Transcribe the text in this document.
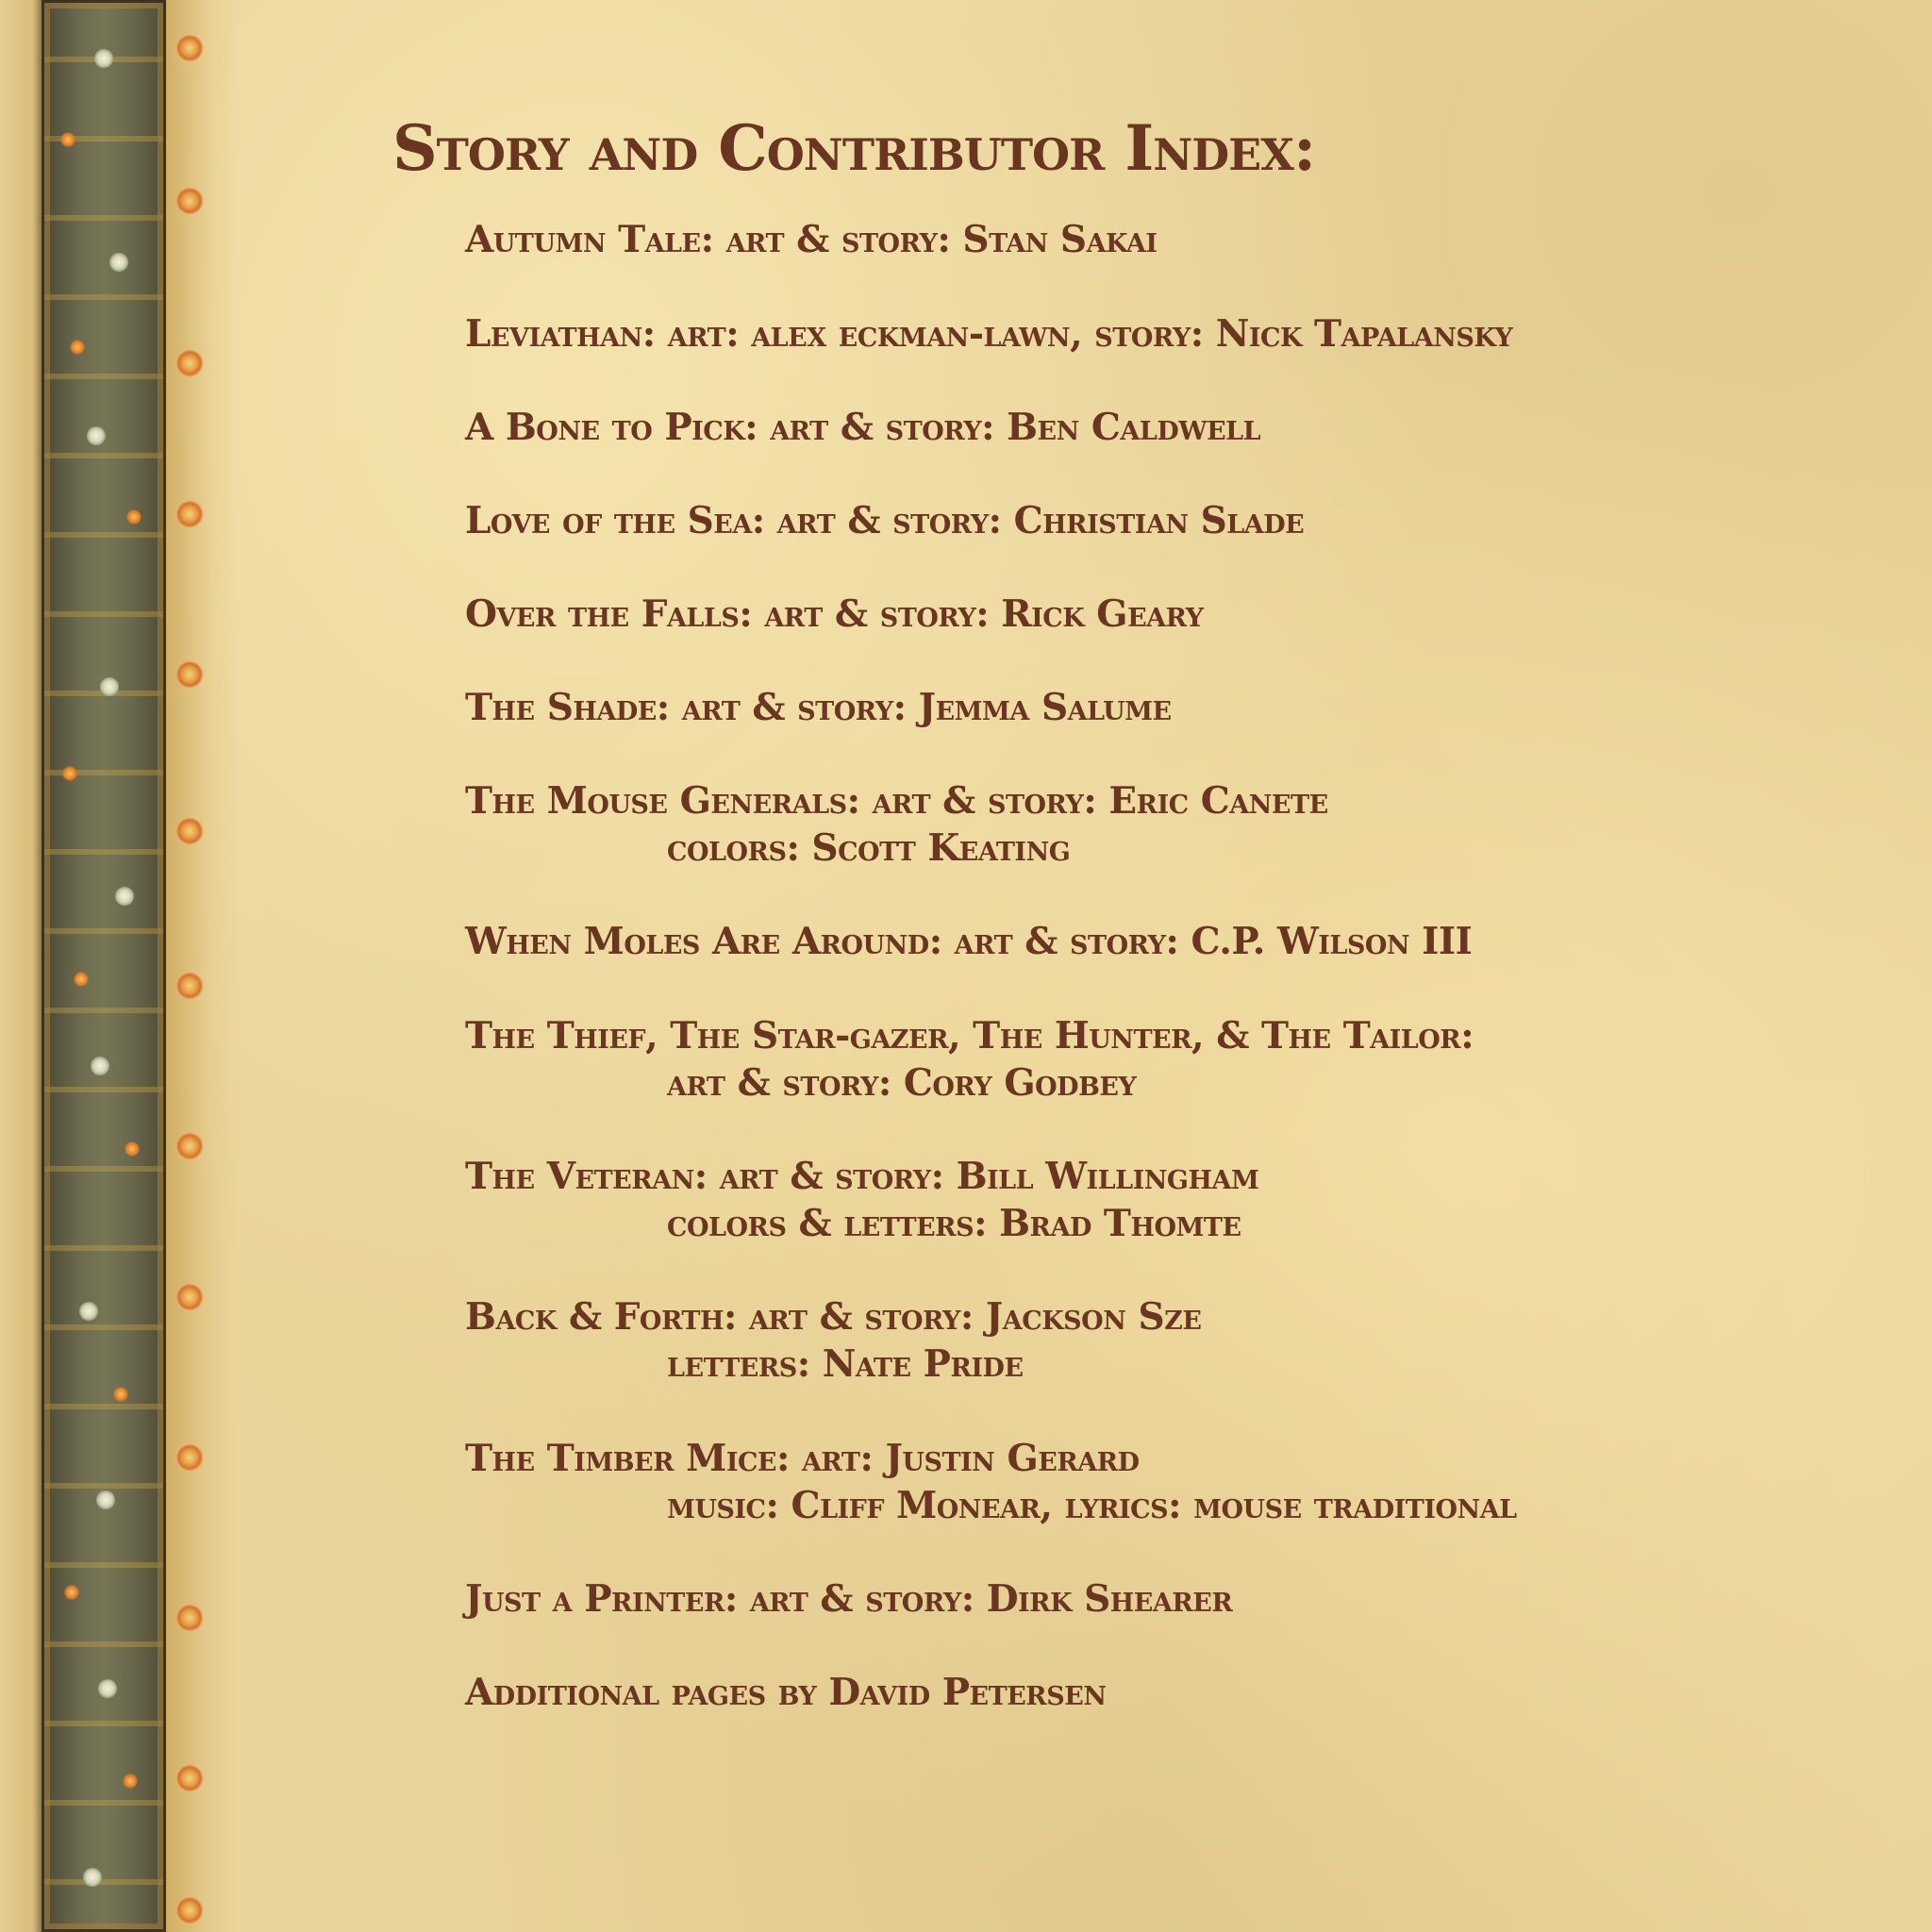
Story and Contributor Index:

Autumn Tale: art & story: Stan Sakai

Leviathan: art: alex eckman-lawn, story: Nick Tapalansky

A Bone to Pick: art & story: Ben Caldwell

Love of the Sea: art & story: Christian Slade

Over the Falls: art & story: Rick Geary

The Shade: art & story: Jemma Salume

The Mouse Generals: art & story: Eric Canete
colors: Scott Keating

When Moles Are Around: art & story: C.P. Wilson III

The Thief, The Star-gazer, The Hunter, & The Tailor:
art & story: Cory Godbey

The Veteran: art & story: Bill Willingham
colors & letters: Brad Thomte

Back & Forth: art & story: Jackson Sze
letters: Nate Pride

The Timber Mice: art: Justin Gerard
music: Cliff Monear, lyrics: mouse traditional

Just a Printer: art & story: Dirk Shearer

Additional pages by David Petersen
